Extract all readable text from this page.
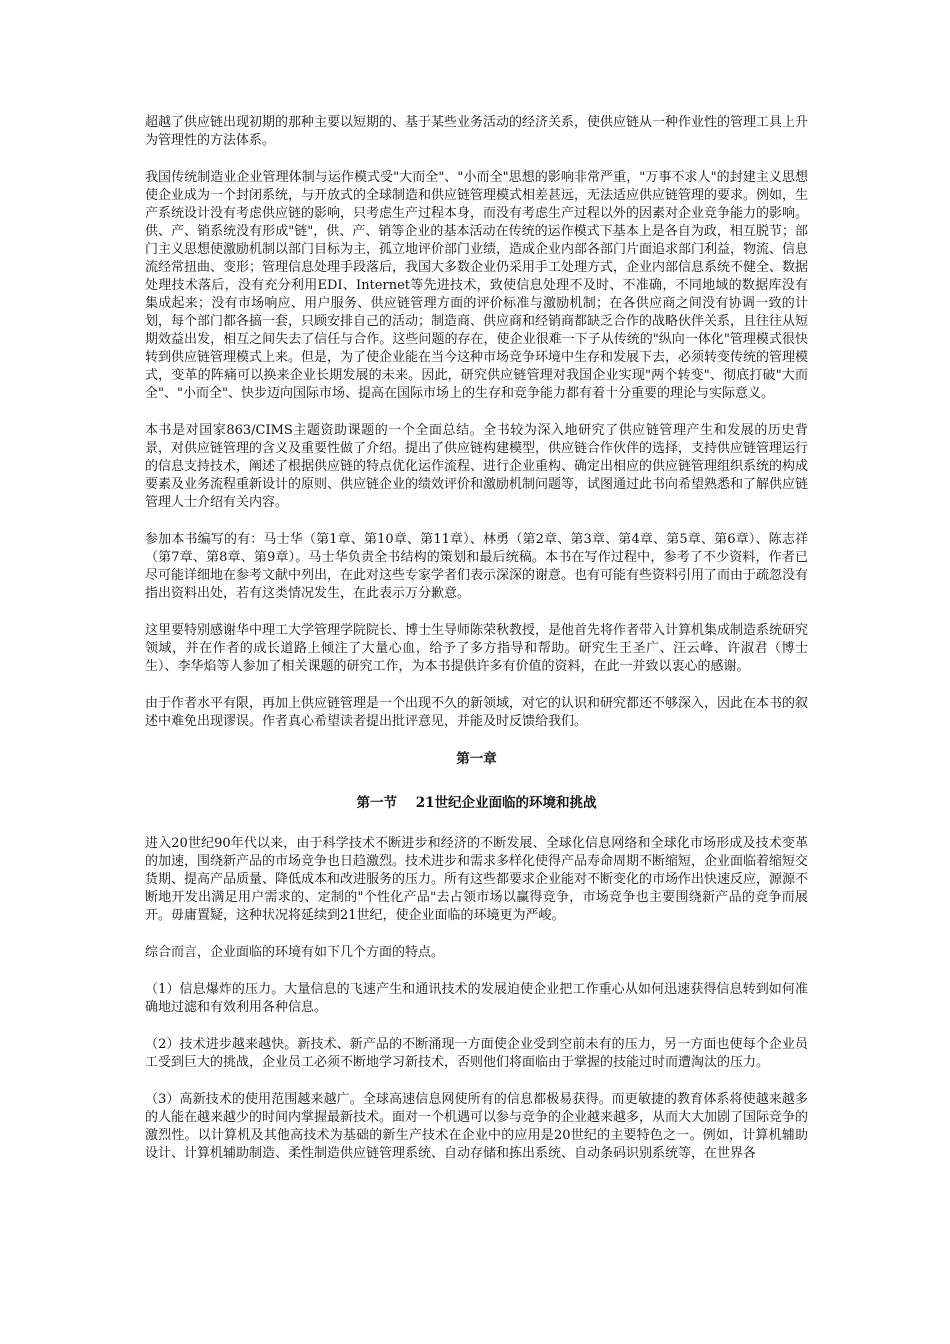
超越了供应链出现初期的那种主要以短期的、基于某些业务活动的经济关系，使供应链从一种作业性的管理工具上升为管理性的方法体系。

我国传统制造业企业管理体制与运作模式受"大而全"、"小而全"思想的影响非常严重，"万事不求人"的封建主义思想使企业成为一个封闭系统，与开放式的全球制造和供应链管理模式相差甚远，无法适应供应链管理的要求。例如，生产系统设计没有考虑供应链的影响，只考虑生产过程本身，而没有考虑生产过程以外的因素对企业竞争能力的影响。供、产、销系统没有形成"链"，供、产、销等企业的基本活动在传统的运作模式下基本上是各自为政，相互脱节；部门主义思想使激励机制以部门目标为主，孤立地评价部门业绩，造成企业内部各部门片面追求部门利益，物流、信息流经常扭曲、变形；管理信息处理手段落后，我国大多数企业仍采用手工处理方式，企业内部信息系统不健全、数据处理技术落后，没有充分利用EDI、Internet等先进技术，致使信息处理不及时、不准确，不同地域的数据库没有集成起来；没有市场响应、用户服务、供应链管理方面的评价标准与激励机制；在各供应商之间没有协调一致的计划，每个部门都各搞一套，只顾安排自己的活动；制造商、供应商和经销商都缺乏合作的战略伙伴关系，且往往从短期效益出发，相互之间失去了信任与合作。这些问题的存在，使企业很难一下子从传统的"纵向一体化"管理模式很快转到供应链管理模式上来。但是，为了使企业能在当今这种市场竞争环境中生存和发展下去，必须转变传统的管理模式，变革的阵痛可以换来企业长期发展的未来。因此，研究供应链管理对我国企业实现"两个转变"、彻底打破"大而全"、"小而全"、快步迈向国际市场、提高在国际市场上的生存和竞争能力都有着十分重要的理论与实际意义。

本书是对国家863/CIMS主题资助课题的一个全面总结。全书较为深入地研究了供应链管理产生和发展的历史背景，对供应链管理的含义及重要性做了介绍。提出了供应链构建模型，供应链合作伙伴的选择，支持供应链管理运行的信息支持技术，阐述了根据供应链的特点优化运作流程、进行企业重构、确定出相应的供应链管理组织系统的构成要素及业务流程重新设计的原则、供应链企业的绩效评价和激励机制问题等，试图通过此书向希望熟悉和了解供应链管理人士介绍有关内容。

参加本书编写的有：马士华（第1章、第10章、第11章）、林勇（第2章、第3章、第4章、第5章、第6章）、陈志祥（第7章、第8章、第9章）。马士华负责全书结构的策划和最后统稿。本书在写作过程中，参考了不少资料，作者已尽可能详细地在参考文献中列出，在此对这些专家学者们表示深深的谢意。也有可能有些资料引用了而由于疏忽没有指出资料出处，若有这类情况发生，在此表示万分歉意。

这里要特别感谢华中理工大学管理学院院长、博士生导师陈荣秋教授，是他首先将作者带入计算机集成制造系统研究领域，并在作者的成长道路上倾注了大量心血，给予了多方指导和帮助。研究生王圣广、汪云峰、许淑君（博士生）、李华焰等人参加了相关课题的研究工作，为本书提供许多有价值的资料，在此一并致以衷心的感谢。

由于作者水平有限，再加上供应链管理是一个出现不久的新领域，对它的认识和研究都还不够深入，因此在本书的叙述中难免出现谬误。作者真心希望读者提出批评意见，并能及时反馈给我们。

第一章
第一节    21世纪企业面临的环境和挑战

进入20世纪90年代以来，由于科学技术不断进步和经济的不断发展、全球化信息网络和全球化市场形成及技术变革的加速，围绕新产品的市场竞争也日趋激烈。技术进步和需求多样化使得产品寿命周期不断缩短，企业面临着缩短交货期、提高产品质量、降低成本和改进服务的压力。所有这些都要求企业能对不断变化的市场作出快速反应，源源不断地开发出满足用户需求的、定制的"个性化产品"去占领市场以赢得竞争，市场竞争也主要围绕新产品的竞争而展开。毋庸置疑，这种状况将延续到21世纪，使企业面临的环境更为严峻。

综合而言，企业面临的环境有如下几个方面的特点。

（1）信息爆炸的压力。大量信息的飞速产生和通讯技术的发展迫使企业把工作重心从如何迅速获得信息转到如何准确地过滤和有效利用各种信息。

（2）技术进步越来越快。新技术、新产品的不断涌现一方面使企业受到空前未有的压力，另一方面也使每个企业员工受到巨大的挑战，企业员工必须不断地学习新技术，否则他们将面临由于掌握的技能过时而遭淘汰的压力。

（3）高新技术的使用范围越来越广。全球高速信息网使所有的信息都极易获得。而更敏捷的教育体系将使越来越多的人能在越来越少的时间内掌握最新技术。面对一个机遇可以参与竞争的企业越来越多，从而大大加剧了国际竞争的激烈性。以计算机及其他高技术为基础的新生产技术在企业中的应用是20世纪的主要特色之一。例如，计算机辅助设计、计算机辅助制造、柔性制造供应链管理系统、自动存储和拣出系统、自动条码识别系统等，在世界各
